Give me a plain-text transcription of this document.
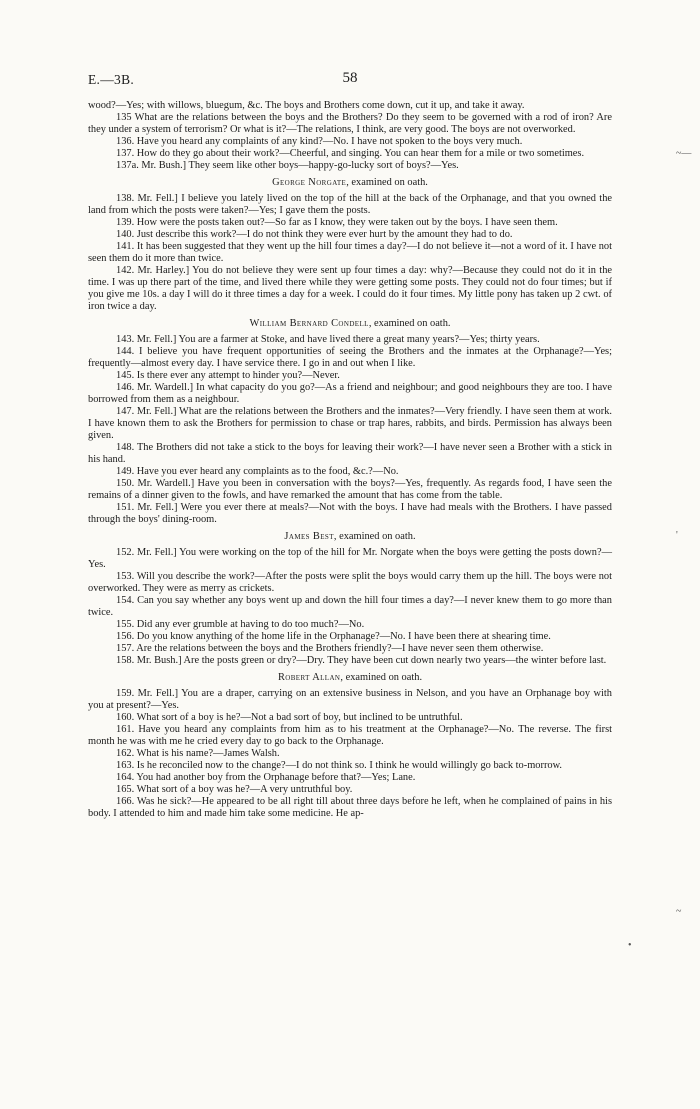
E.—3B.	58

wood?—Yes; with willows, bluegum, &c. The boys and Brothers come down, cut it up, and take it away.

135 What are the relations between the boys and the Brothers? Do they seem to be governed with a rod of iron? Are they under a system of terrorism? Or what is it?—The relations, I think, are very good. The boys are not overworked.

136. Have you heard any complaints of any kind?—No. I have not spoken to the boys very much.

137. How do they go about their work?—Cheerful, and singing. You can hear them for a mile or two sometimes.

137a. Mr. Bush.] They seem like other boys—happy-go-lucky sort of boys?—Yes.

George Norgate, examined on oath.

138. Mr. Fell.] I believe you lately lived on the top of the hill at the back of the Orphanage, and that you owned the land from which the posts were taken?—Yes; I gave them the posts.

139. How were the posts taken out?—So far as I know, they were taken out by the boys. I have seen them.

140. Just describe this work?—I do not think they were ever hurt by the amount they had to do.

141. It has been suggested that they went up the hill four times a day?—I do not believe it—not a word of it. I have not seen them do it more than twice.

142. Mr. Harley.] You do not believe they were sent up four times a day: why?—Because they could not do it in the time. I was up there part of the time, and lived there while they were getting some posts. They could not do four times; but if you give me 10s. a day I will do it three times a day for a week. I could do it four times. My little pony has taken up 2 cwt. of iron twice a day.

William Bernard Condell, examined on oath.

143. Mr. Fell.] You are a farmer at Stoke, and have lived there a great many years?—Yes; thirty years.

144. I believe you have frequent opportunities of seeing the Brothers and the inmates at the Orphanage?—Yes; frequently—almost every day. I have service there. I go in and out when I like.

145. Is there ever any attempt to hinder you?—Never.

146. Mr. Wardell.] In what capacity do you go?—As a friend and neighbour; and good neighbours they are too. I have borrowed from them as a neighbour.

147. Mr. Fell.] What are the relations between the Brothers and the inmates?—Very friendly. I have seen them at work. I have known them to ask the Brothers for permission to chase or trap hares, rabbits, and birds. Permission has always been given.

148. The Brothers did not take a stick to the boys for leaving their work?—I have never seen a Brother with a stick in his hand.

149. Have you ever heard any complaints as to the food, &c.?—No.

150. Mr. Wardell.] Have you been in conversation with the boys?—Yes, frequently. As regards food, I have seen the remains of a dinner given to the fowls, and have remarked the amount that has come from the table.

151. Mr. Fell.] Were you ever there at meals?—Not with the boys. I have had meals with the Brothers. I have passed through the boys' dining-room.

James Best, examined on oath.

152. Mr. Fell.] You were working on the top of the hill for Mr. Norgate when the boys were getting the posts down?—Yes.

153. Will you describe the work?—After the posts were split the boys would carry them up the hill. The boys were not overworked. They were as merry as crickets.

154. Can you say whether any boys went up and down the hill four times a day?—I never knew them to go more than twice.

155. Did any ever grumble at having to do too much?—No.

156. Do you know anything of the home life in the Orphanage?—No. I have been there at shearing time.

157. Are the relations between the boys and the Brothers friendly?—I have never seen them otherwise.

158. Mr. Bush.] Are the posts green or dry?—Dry. They have been cut down nearly two years—the winter before last.

Robert Allan, examined on oath.

159. Mr. Fell.] You are a draper, carrying on an extensive business in Nelson, and you have an Orphanage boy with you at present?—Yes.

160. What sort of a boy is he?—Not a bad sort of boy, but inclined to be untruthful.

161. Have you heard any complaints from him as to his treatment at the Orphanage?—No. The reverse. The first month he was with me he cried every day to go back to the Orphanage.

162. What is his name?—James Walsh.

163. Is he reconciled now to the change?—I do not think so. I think he would willingly go back to-morrow.

164. You had another boy from the Orphanage before that?—Yes; Lane.

165. What sort of a boy was he?—A very untruthful boy.

166. Was he sick?—He appeared to be all right till about three days before he left, when he complained of pains in his body. I attended to him and made him take some medicine. He ap-

~—
'
~
•
